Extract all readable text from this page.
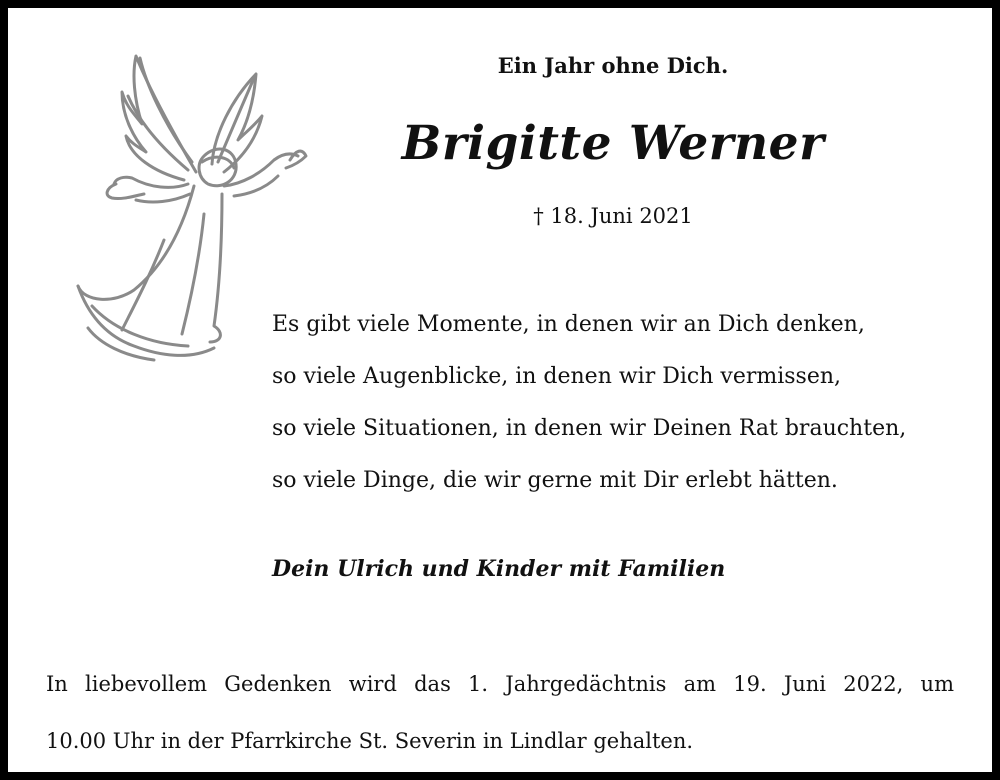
Ein Jahr ohne Dich.
Brigitte Werner
† 18. Juni 2021
Es gibt viele Momente, in denen wir an Dich denken,
so viele Augenblicke, in denen wir Dich vermissen,
so viele Situationen, in denen wir Deinen Rat brauchten,
so viele Dinge, die wir gerne mit Dir erlebt hätten.
Dein Ulrich und Kinder mit Familien
In liebevollem Gedenken wird das 1. Jahrgedächtnis am 19. Juni 2022, um
10.00 Uhr in der Pfarrkirche St. Severin in Lindlar gehalten.
